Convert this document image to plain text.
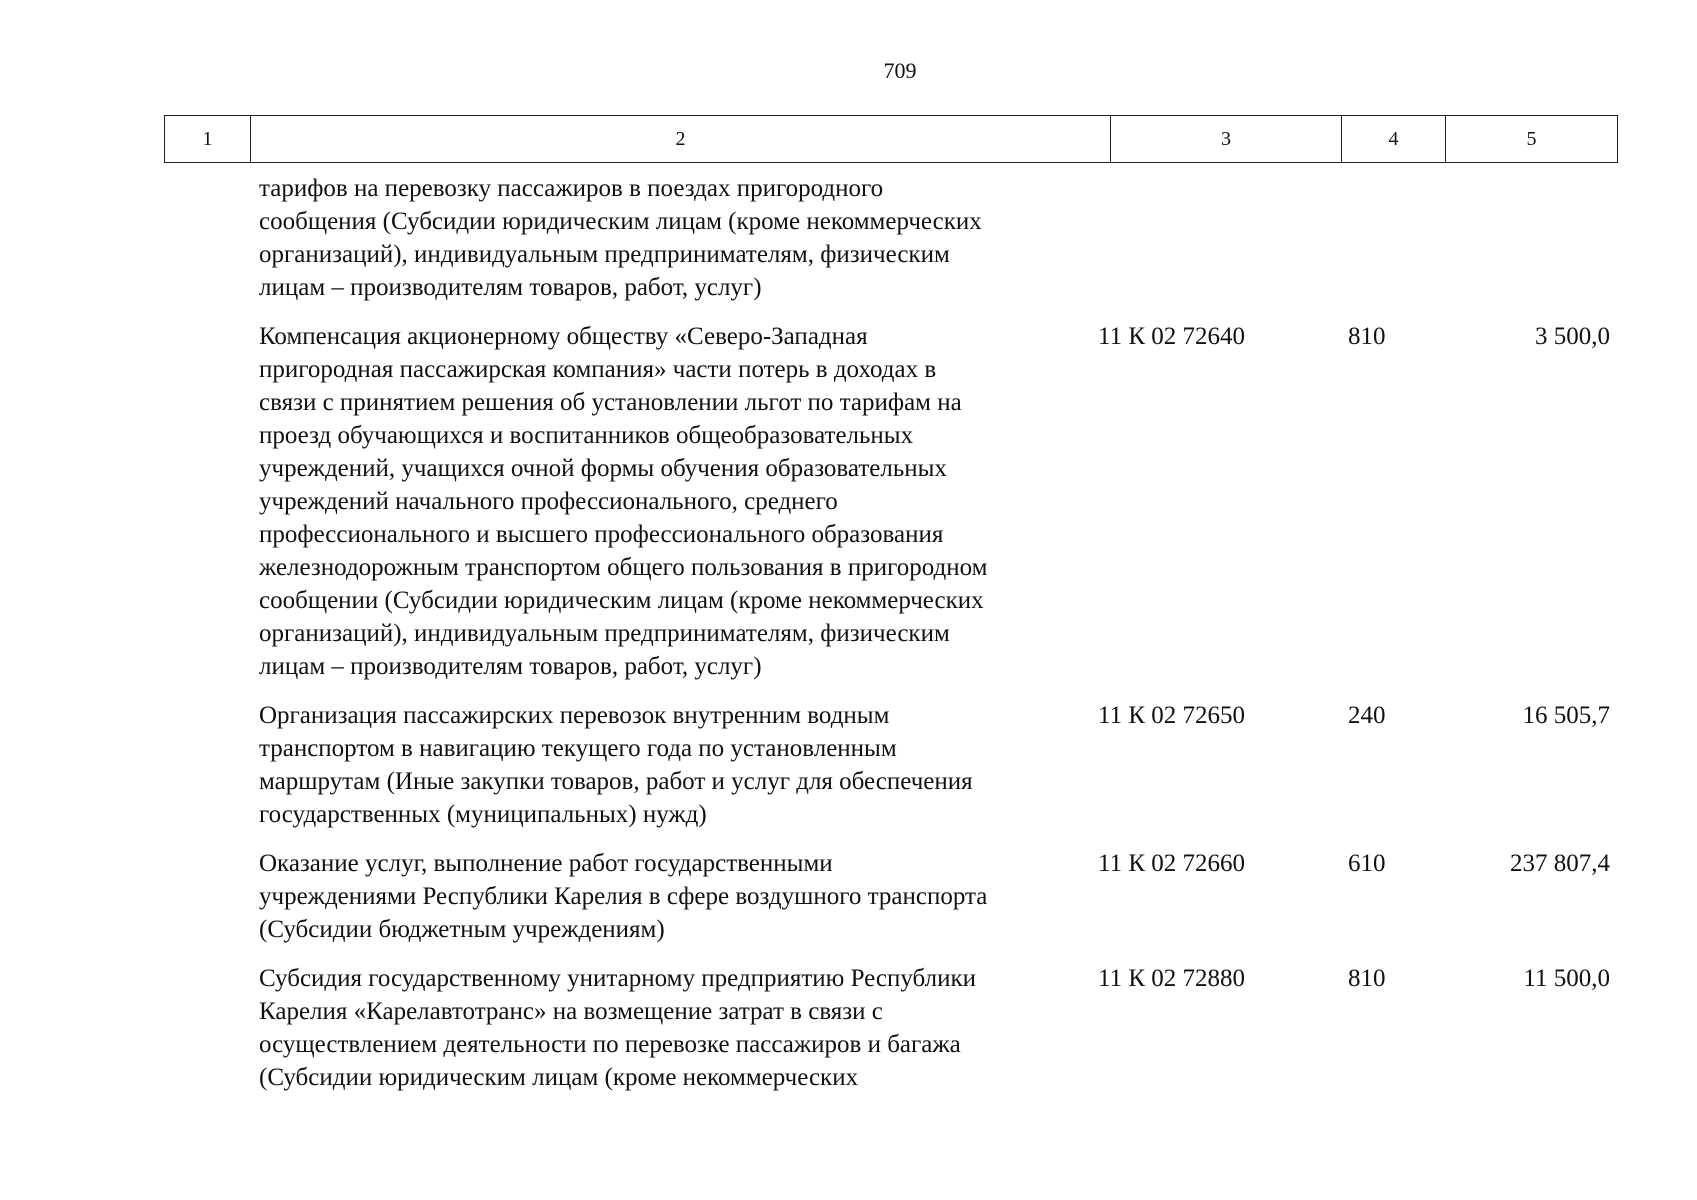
709
1	2	3	4	5
тарифов на перевозку пассажиров в поездах пригородного
сообщения (Субсидии юридическим лицам (кроме некоммерческих
организаций), индивидуальным предпринимателям, физическим
лицам – производителям товаров, работ, услуг)
Компенсация акционерному обществу «Северо-Западная
пригородная пассажирская компания» части потерь в доходах в
связи с принятием решения об установлении льгот по тарифам на
проезд обучающихся и воспитанников общеобразовательных
учреждений, учащихся очной формы обучения образовательных
учреждений начального профессионального, среднего
профессионального и высшего профессионального образования
железнодорожным транспортом общего пользования в пригородном
сообщении (Субсидии юридическим лицам (кроме некоммерческих
организаций), индивидуальным предпринимателям, физическим
лицам – производителям товаров, работ, услуг)
11 К 02 72640	810	3 500,0
Организация пассажирских перевозок внутренним водным
транспортом в навигацию текущего года по установленным
маршрутам (Иные закупки товаров, работ и услуг для обеспечения
государственных (муниципальных) нужд)
11 К 02 72650	240	16 505,7
Оказание услуг, выполнение работ государственными
учреждениями Республики Карелия в сфере воздушного транспорта
(Субсидии бюджетным учреждениям)
11 К 02 72660	610	237 807,4
Субсидия государственному унитарному предприятию Республики
Карелия «Карелавтотранс» на возмещение затрат в связи с
осуществлением деятельности по перевозке пассажиров и багажа
(Субсидии юридическим лицам (кроме некоммерческих
11 К 02 72880	810	11 500,0
